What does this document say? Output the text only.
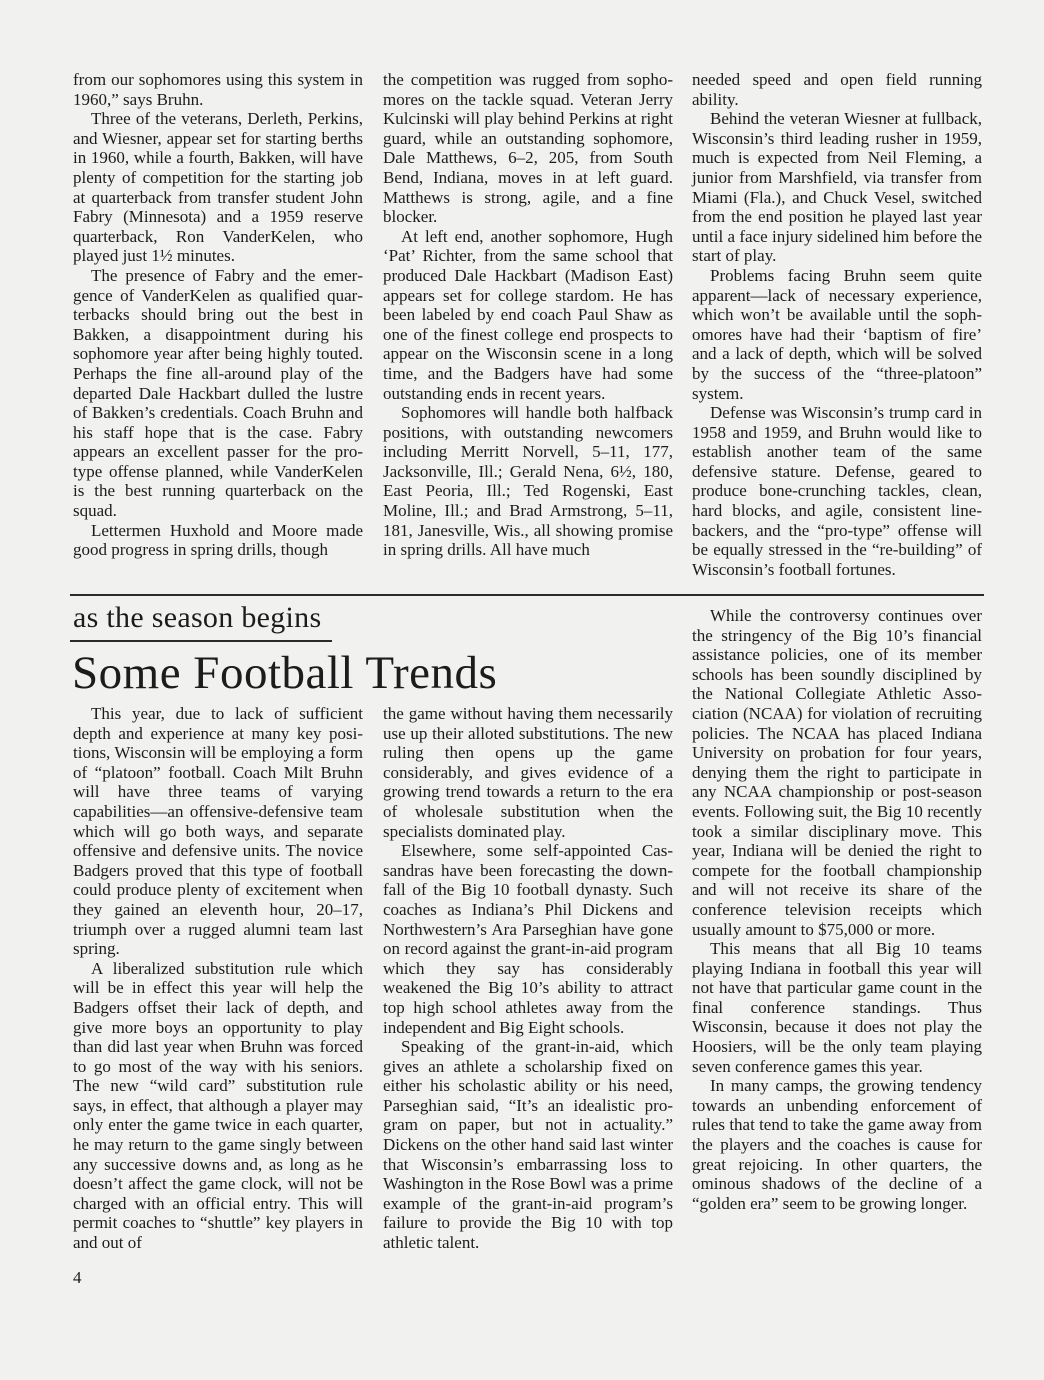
from our sophomores using this system in 1960,” says Bruhn.

Three of the veterans, Derleth, Perkins, and Wiesner, appear set for starting berths in 1960, while a fourth, Bakken, will have plenty of competition for the starting job at quarterback from transfer student John Fabry (Minnesota) and a 1959 reserve quarterback, Ron VanderKelen, who played just 1½ minutes.

The presence of Fabry and the emergence of VanderKelen as qualified quarterbacks should bring out the best in Bakken, a disappointment during his sophomore year after being highly touted. Perhaps the fine all-around play of the departed Dale Hackbart dulled the lustre of Bakken’s credentials. Coach Bruhn and his staff hope that is the case. Fabry appears an excellent passer for the pro-type offense planned, while VanderKelen is the best running quarterback on the squad.

Lettermen Huxhold and Moore made good progress in spring drills, though

the competition was rugged from sophomores on the tackle squad. Veteran Jerry Kulcinski will play behind Perkins at right guard, while an outstanding sophomore, Dale Matthews, 6–2, 205, from South Bend, Indiana, moves in at left guard. Matthews is strong, agile, and a fine blocker.

At left end, another sophomore, Hugh ‘Pat’ Richter, from the same school that produced Dale Hackbart (Madison East) appears set for college stardom. He has been labeled by end coach Paul Shaw as one of the finest college end prospects to appear on the Wisconsin scene in a long time, and the Badgers have had some outstanding ends in recent years.

Sophomores will handle both halfback positions, with outstanding newcomers including Merritt Norvell, 5–11, 177, Jacksonville, Ill.; Gerald Nena, 6½, 180, East Peoria, Ill.; Ted Rogenski, East Moline, Ill.; and Brad Armstrong, 5–11, 181, Janesville, Wis., all showing promise in spring drills. All have much

needed speed and open field running ability.

Behind the veteran Wiesner at fullback, Wisconsin’s third leading rusher in 1959, much is expected from Neil Fleming, a junior from Marshfield, via transfer from Miami (Fla.), and Chuck Vesel, switched from the end position he played last year until a face injury sidelined him before the start of play.

Problems facing Bruhn seem quite apparent—lack of necessary experience, which won’t be available until the sophomores have had their ‘baptism of fire’ and a lack of depth, which will be solved by the success of the “three-platoon” system.

Defense was Wisconsin’s trump card in 1958 and 1959, and Bruhn would like to establish another team of the same defensive stature. Defense, geared to produce bone-crunching tackles, clean, hard blocks, and agile, consistent linebackers, and the “pro-type” offense will be equally stressed in the “re-building” of Wisconsin’s football fortunes.

as the season begins
Some Football Trends

This year, due to lack of sufficient depth and experience at many key positions, Wisconsin will be employing a form of “platoon” football. Coach Milt Bruhn will have three teams of varying capabilities—an offensive-defensive team which will go both ways, and separate offensive and defensive units. The novice Badgers proved that this type of football could produce plenty of excitement when they gained an eleventh hour, 20–17, triumph over a rugged alumni team last spring.

A liberalized substitution rule which will be in effect this year will help the Badgers offset their lack of depth, and give more boys an opportunity to play than did last year when Bruhn was forced to go most of the way with his seniors. The new “wild card” substitution rule says, in effect, that although a player may only enter the game twice in each quarter, he may return to the game singly between any successive downs and, as long as he doesn’t affect the game clock, will not be charged with an official entry. This will permit coaches to “shuttle” key players in and out of

the game without having them necessarily use up their alloted substitutions. The new ruling then opens up the game considerably, and gives evidence of a growing trend towards a return to the era of wholesale substitution when the specialists dominated play.

Elsewhere, some self-appointed Cassandras have been forecasting the downfall of the Big 10 football dynasty. Such coaches as Indiana’s Phil Dickens and Northwestern’s Ara Parseghian have gone on record against the grant-in-aid program which they say has considerably weakened the Big 10’s ability to attract top high school athletes away from the independent and Big Eight schools.

Speaking of the grant-in-aid, which gives an athlete a scholarship fixed on either his scholastic ability or his need, Parseghian said, “It’s an idealistic program on paper, but not in actuality.” Dickens on the other hand said last winter that Wisconsin’s embarrassing loss to Washington in the Rose Bowl was a prime example of the grant-in-aid program’s failure to provide the Big 10 with top athletic talent.

While the controversy continues over the stringency of the Big 10’s financial assistance policies, one of its member schools has been soundly disciplined by the National Collegiate Athletic Association (NCAA) for violation of recruiting policies. The NCAA has placed Indiana University on probation for four years, denying them the right to participate in any NCAA championship or post-season events. Following suit, the Big 10 recently took a similar disciplinary move. This year, Indiana will be denied the right to compete for the football championship and will not receive its share of the conference television receipts which usually amount to $75,000 or more.

This means that all Big 10 teams playing Indiana in football this year will not have that particular game count in the final conference standings. Thus Wisconsin, because it does not play the Hoosiers, will be the only team playing seven conference games this year.

In many camps, the growing tendency towards an unbending enforcement of rules that tend to take the game away from the players and the coaches is cause for great rejoicing. In other quarters, the ominous shadows of the decline of a “golden era” seem to be growing longer.

4
